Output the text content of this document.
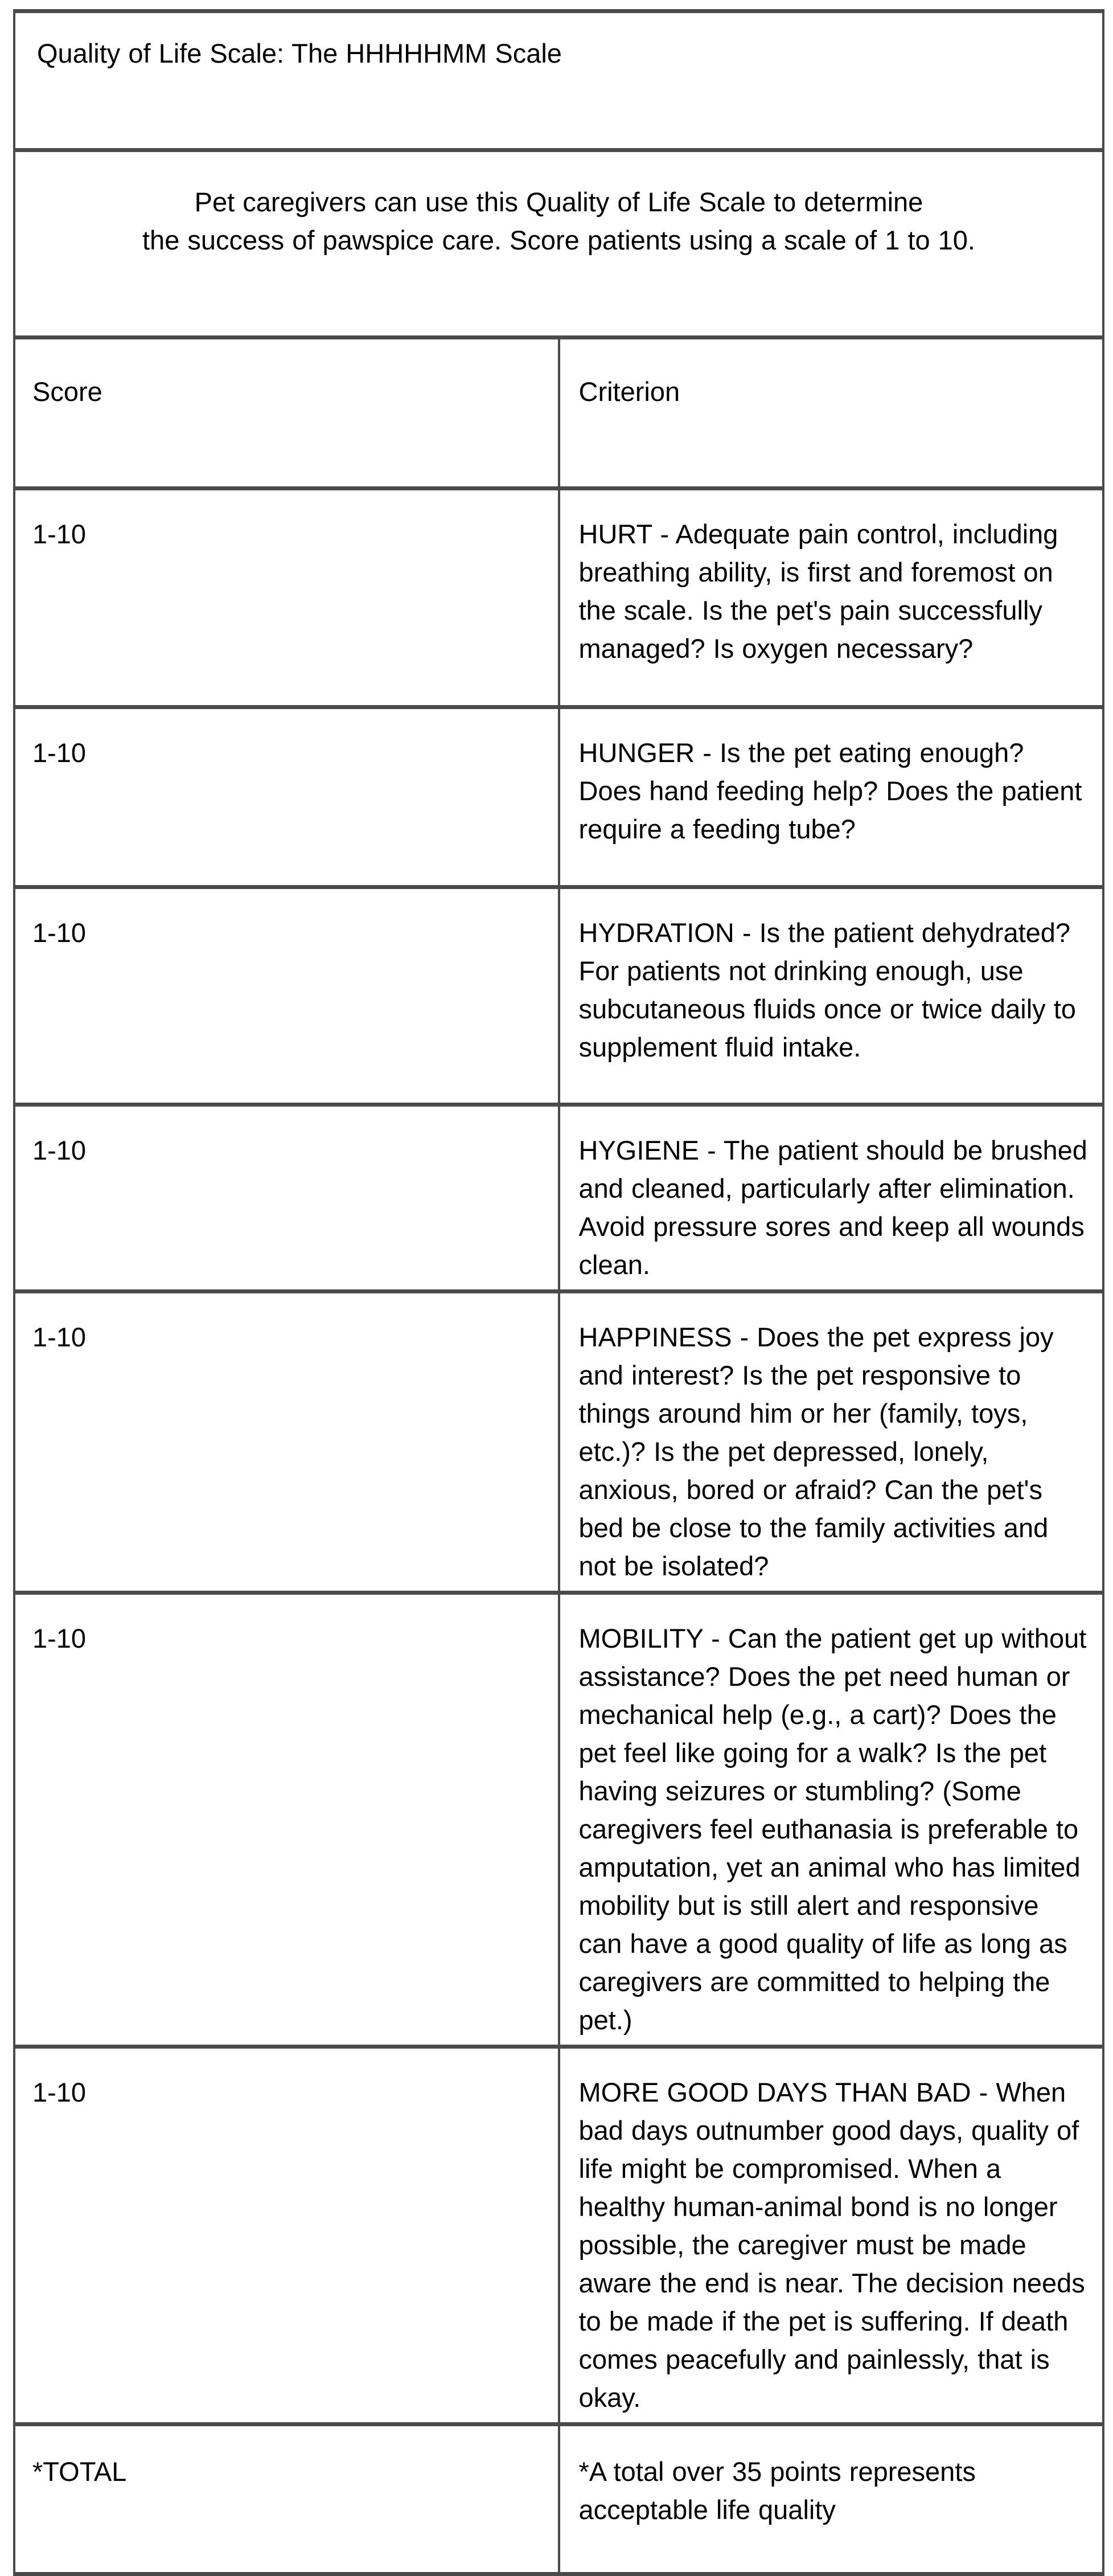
Quality of Life Scale: The HHHHHMM Scale	

Pet caregivers can use this Quality of Life Scale to determine
the success of pawspice care. Score patients using a scale of 1 to 10.	

Score	Criterion
1-10	HURT - Adequate pain control, including breathing ability, is first and foremost on the scale. Is the pet's pain successfully managed? Is oxygen necessary?
1-10	HUNGER - Is the pet eating enough? Does hand feeding help? Does the patient require a feeding tube?
1-10	HYDRATION - Is the patient dehydrated? For patients not drinking enough, use subcutaneous fluids once or twice daily to supplement fluid intake.
1-10	HYGIENE - The patient should be brushed and cleaned, particularly after elimination. Avoid pressure sores and keep all wounds clean.
1-10	HAPPINESS - Does the pet express joy and interest? Is the pet responsive to things around him or her (family, toys, etc.)? Is the pet depressed, lonely, anxious, bored or afraid? Can the pet's bed be close to the family activities and not be isolated?
1-10	MOBILITY - Can the patient get up without assistance? Does the pet need human or mechanical help (e.g., a cart)? Does the pet feel like going for a walk? Is the pet having seizures or stumbling? (Some caregivers feel euthanasia is preferable to amputation, yet an animal who has limited mobility but is still alert and responsive can have a good quality of life as long as caregivers are committed to helping the pet.)
1-10	MORE GOOD DAYS THAN BAD - When bad days outnumber good days, quality of life might be compromised. When a healthy human-animal bond is no longer possible, the caregiver must be made aware the end is near. The decision needs to be made if the pet is suffering. If death comes peacefully and painlessly, that is okay.
*TOTAL	*A total over 35 points represents acceptable life quality
